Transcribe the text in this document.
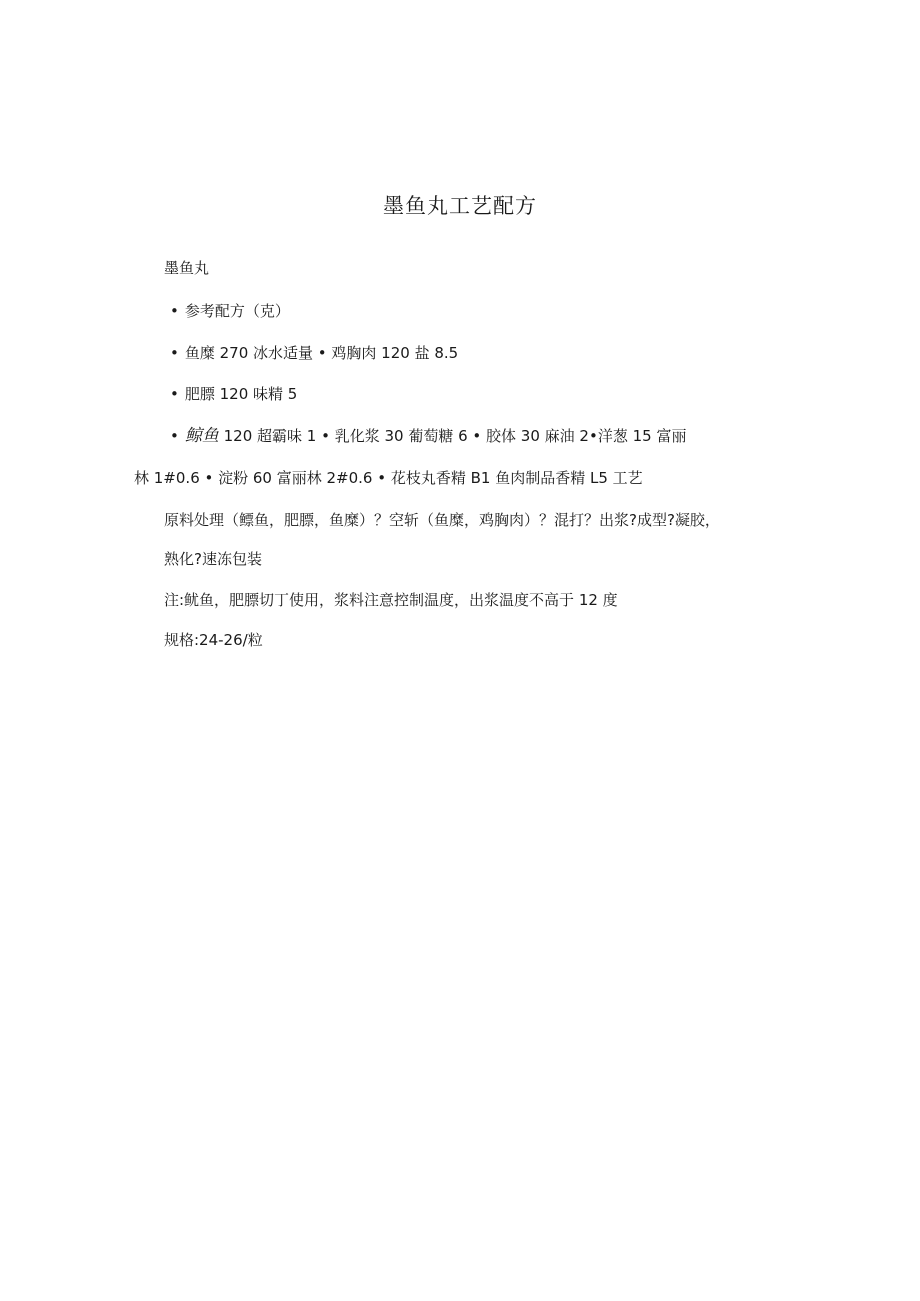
墨鱼丸工艺配方
墨鱼丸
• 参考配方（克）
• 鱼糜 270 冰水适量 • 鸡胸肉 120 盐 8.5
• 肥膘 120 味精 5
• 鲸鱼 120 超霸味 1 • 乳化浆 30 葡萄糖 6 • 胶体 30 麻油 2•洋葱 15 富丽
林 1#0.6 • 淀粉 60 富丽林 2#0.6 • 花枝丸香精 B1 鱼肉制品香精 L5 工艺
原料处理（鳔鱼，肥膘，鱼糜）？空斩（鱼糜，鸡胸肉）？混打？出浆?成型?凝胶，
熟化?速冻包装
注:鱿鱼，肥膘切丁使用，浆料注意控制温度，出浆温度不高于 12 度
规格:24-26/粒
